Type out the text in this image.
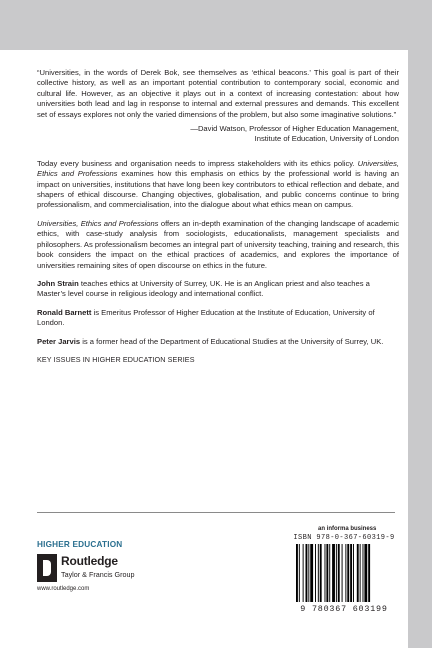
“Universities, in the words of Derek Bok, see themselves as ‘ethical beacons.’ This goal is part of their collective history, as well as an important potential contribution to contemporary social, economic and cultural life. However, as an objective it plays out in a context of increasing contestation: about how universities both lead and lag in response to internal and external pressures and demands. This excellent set of essays explores not only the varied dimensions of the problem, but also some imaginative solutions.”

—David Watson, Professor of Higher Education Management,
Institute of Education, University of London

Today every business and organisation needs to impress stakeholders with its ethics policy. Universities, Ethics and Professions examines how this emphasis on ethics by the professional world is having an impact on universities, institutions that have long been key contributors to ethical reflection and debate, and shapers of ethical discourse. Changing objectives, globalisation, and public concerns continue to bring professionalism, and commercialisation, into the dialogue about what ethics mean on campus.

Universities, Ethics and Professions offers an in-depth examination of the changing landscape of academic ethics, with case-study analysis from sociologists, educationalists, management specialists and philosophers. As professionalism becomes an integral part of university teaching, training and research, this book considers the impact on the ethical practices of academics, and explores the importance of universities remaining sites of open discourse on ethics in the future.

John Strain teaches ethics at University of Surrey, UK. He is an Anglican priest and also teaches a Master’s level course in religious ideology and international conflict.

Ronald Barnett is Emeritus Professor of Higher Education at the Institute of Education, University of London.

Peter Jarvis is a former head of the Department of Educational Studies at the University of Surrey, UK.

KEY ISSUES IN HIGHER EDUCATION SERIES

HIGHER EDUCATION
Routledge
Taylor & Francis Group
www.routledge.com
an informa business
ISBN 978-0-367-60319-9
9 780367 603199
